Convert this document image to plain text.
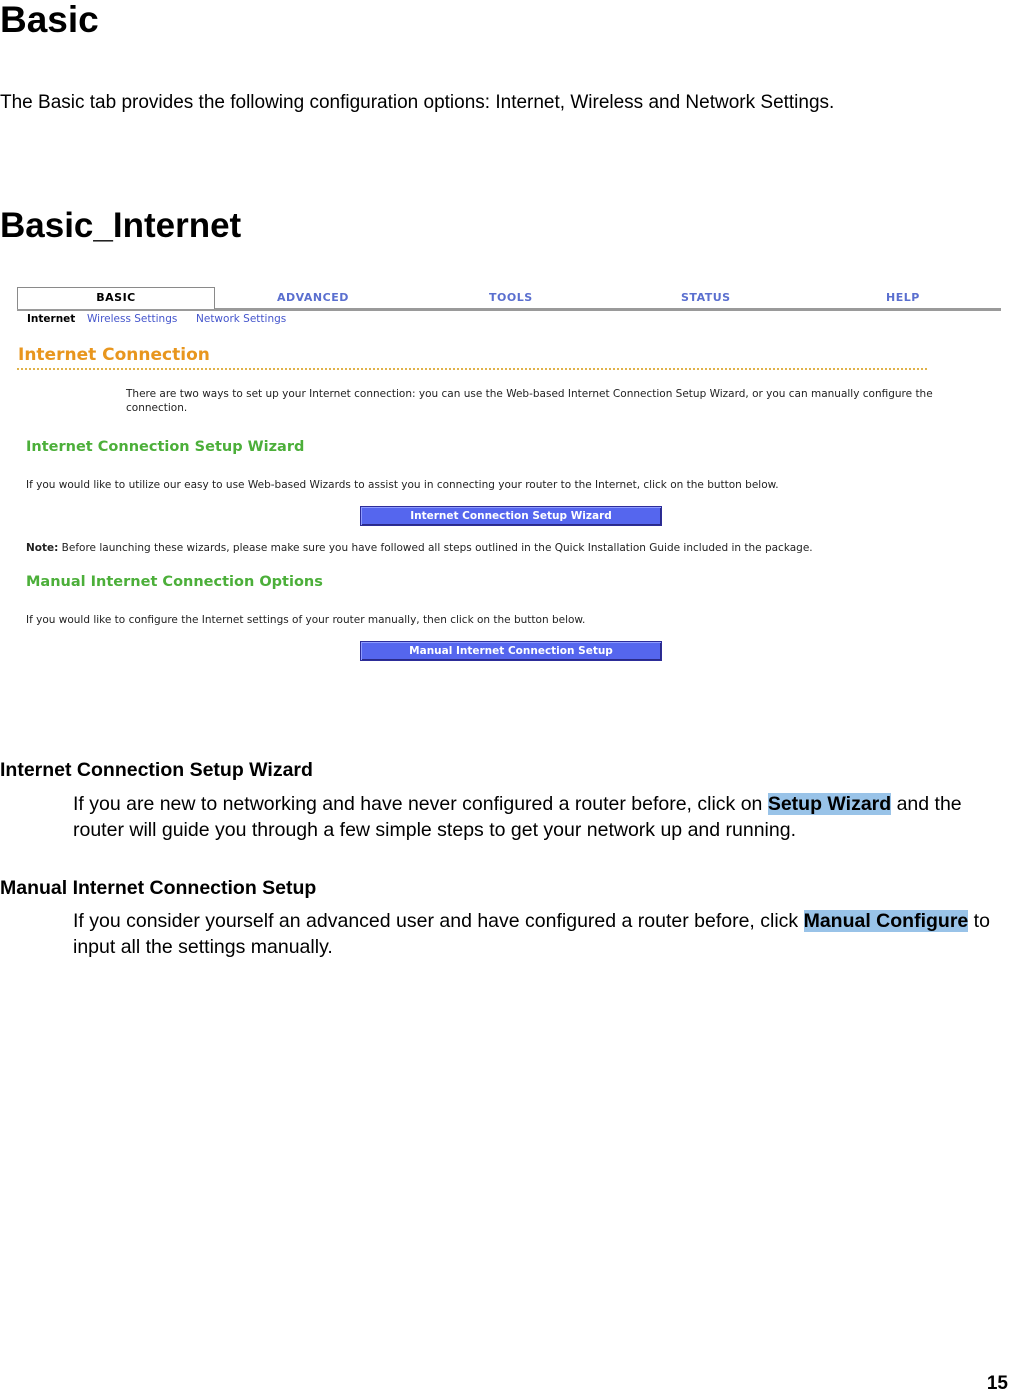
Basic

The Basic tab provides the following configuration options: Internet, Wireless and Network Settings.

Basic_Internet
BASIC	ADVANCED	TOOLS	STATUS	HELP
Internet Wireless Settings Network Settings
Internet Connection
There are two ways to set up your Internet connection: you can use the Web-based Internet Connection Setup Wizard, or you can manually configure the connection.
Internet Connection Setup Wizard
If you would like to utilize our easy to use Web-based Wizards to assist you in connecting your router to the Internet, click on the button below.
Internet Connection Setup Wizard
Note: Before launching these wizards, please make sure you have followed all steps outlined in the Quick Installation Guide included in the package.
Manual Internet Connection Options
If you would like to configure the Internet settings of your router manually, then click on the button below.
Manual Internet Connection Setup
Internet Connection Setup Wizard

If you are new to networking and have never configured a router before, click on Setup Wizard and the router will guide you through a few simple steps to get your network up and running.

Manual Internet Connection Setup

If you consider yourself an advanced user and have configured a router before, click Manual Configure to input all the settings manually.

15
